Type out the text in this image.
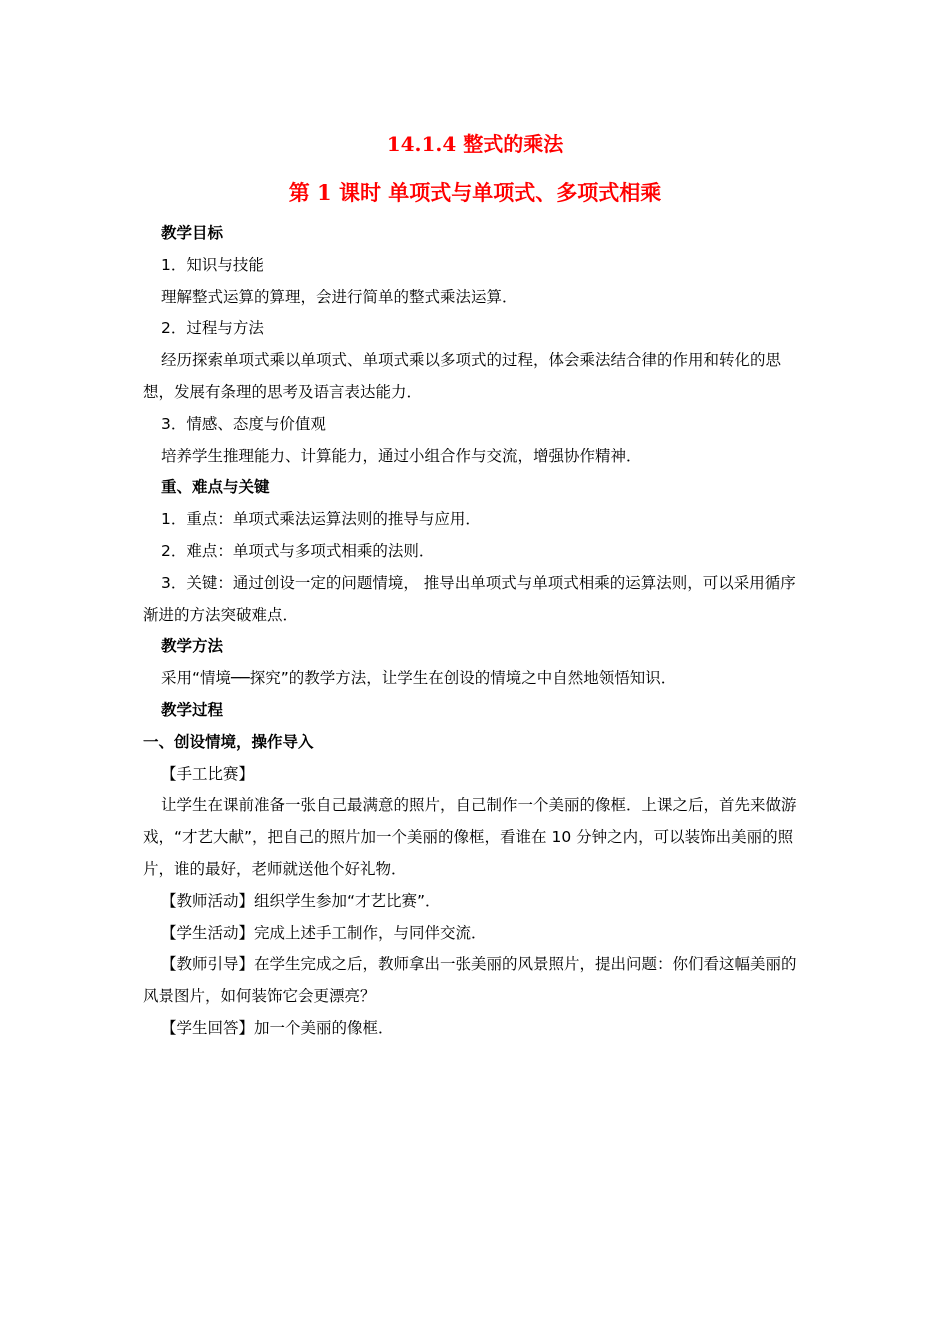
14.1.4 整式的乘法
第 1 课时 单项式与单项式、多项式相乘

教学目标

1．知识与技能

理解整式运算的算理，会进行简单的整式乘法运算．

2．过程与方法

经历探索单项式乘以单项式、单项式乘以多项式的过程，体会乘法结合律的作用和转化的思想，发展有条理的思考及语言表达能力．

3．情感、态度与价值观

培养学生推理能力、计算能力，通过小组合作与交流，增强协作精神．

重、难点与关键

1．重点：单项式乘法运算法则的推导与应用．

2．难点：单项式与多项式相乘的法则．

3．关键：通过创设一定的问题情境， 推导出单项式与单项式相乘的运算法则，可以采用循序渐进的方法突破难点．

教学方法

采用“情境──探究”的教学方法，让学生在创设的情境之中自然地领悟知识．

教学过程

一、创设情境，操作导入

【手工比赛】

让学生在课前准备一张自己最满意的照片，自己制作一个美丽的像框．上课之后，首先来做游戏，“才艺大献”，把自己的照片加一个美丽的像框，看谁在 10 分钟之内，可以装饰出美丽的照片，谁的最好，老师就送他个好礼物．

【教师活动】组织学生参加“才艺比赛”．

【学生活动】完成上述手工制作，与同伴交流．

【教师引导】在学生完成之后，教师拿出一张美丽的风景照片，提出问题：你们看这幅美丽的风景图片，如何装饰它会更漂亮？

【学生回答】加一个美丽的像框．
